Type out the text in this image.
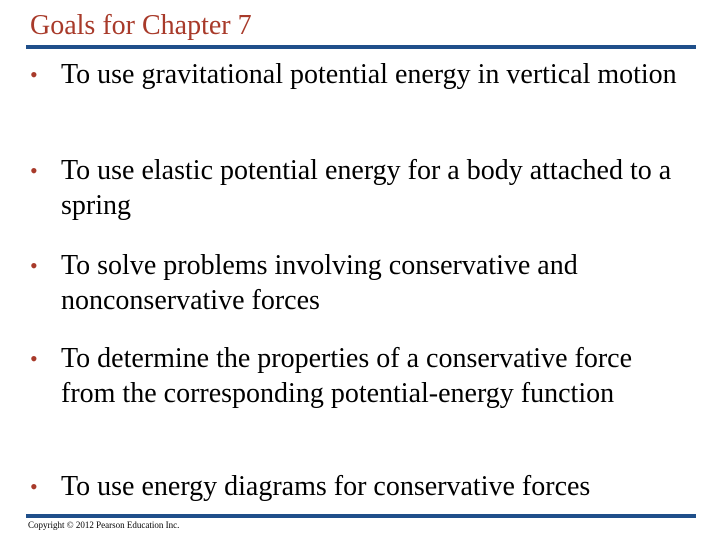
Goals for Chapter 7
• To use gravitational potential energy in vertical motion
• To use elastic potential energy for a body attached to a spring
• To solve problems involving conservative and nonconservative forces
• To determine the properties of a conservative force from the corresponding potential-energy function
• To use energy diagrams for conservative forces
Copyright © 2012 Pearson Education Inc.
